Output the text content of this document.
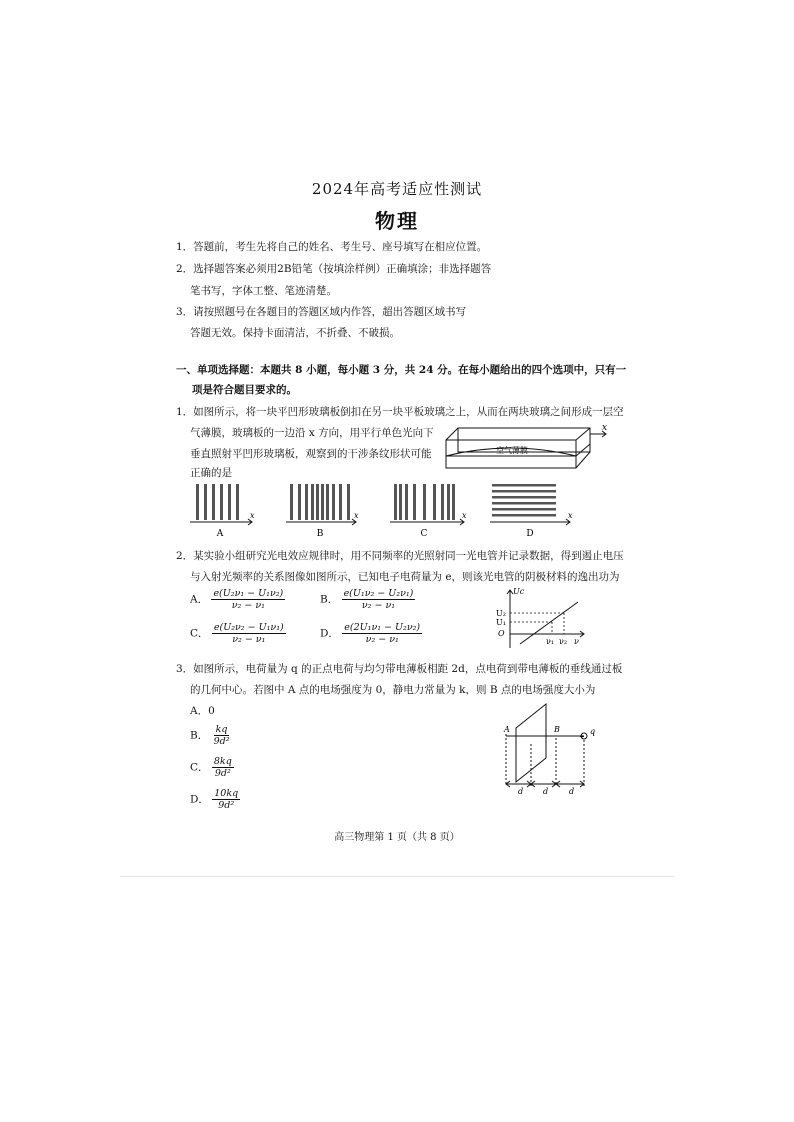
2024年高考适应性测试
物理
1．答题前，考生先将自己的姓名、考生号、座号填写在相应位置。
2．选择题答案必须用2B铅笔（按填涂样例）正确填涂；非选择题答
笔书写，字体工整、笔迹清楚。
3．请按照题号在各题目的答题区域内作答，超出答题区域书写
答题无效。保持卡面清洁，不折叠、不破损。
一、单项选择题：本题共 8 小题，每小题 3 分，共 24 分。在每小题给出的四个选项中，只有一
项是符合题目要求的。
1．如图所示，将一块平凹形玻璃板倒扣在另一块平板玻璃之上，从而在两块玻璃之间形成一层空
气薄膜，玻璃板的一边沿 x 方向，用平行单色光向下
垂直照射平凹形玻璃板，观察到的干涉条纹形状可能
正确的是
x
空气薄膜
x
A
x
B
x
C
x
D
2．某实验小组研究光电效应规律时，用不同频率的光照射同一光电管并记录数据，得到遏止电压
与入射光频率的关系图像如图所示，已知电子电荷量为 e，则该光电管的阴极材料的逸出功为
A． $\frac{\text{e(U₂ν₁ − U₁ν₂)}}{\text{ν₂ − ν₁}}$	B． $\frac{\text{e(U₁ν₂ − U₂ν₁)}}{\text{ν₂ − ν₁}}$
C． $\frac{\text{e(U₂ν₂ − U₁ν₁)}}{\text{ν₂ − ν₁}}$	D． $\frac{\text{e(2U₁ν₁ − U₂ν₂)}}{\text{ν₂ − ν₁}}$
Uc
U₂
U₁
O
ν₁ ν₂ ν
3．如图所示，电荷量为 q 的正点电荷与均匀带电薄板相距 2d，点电荷到带电薄板的垂线通过板
的几何中心。若图中 A 点的电场强度为 0，静电力常量为 k，则 B 点的电场强度大小为
A．0
B． $\frac{kq}{\text{9d²}}$
C． $\frac{8kq}{\text{9d²}}$
D． $\frac{10kq}{\text{9d²}}$
+
A	B	q
d d	d
高三物理第 1 页（共 8 页）
